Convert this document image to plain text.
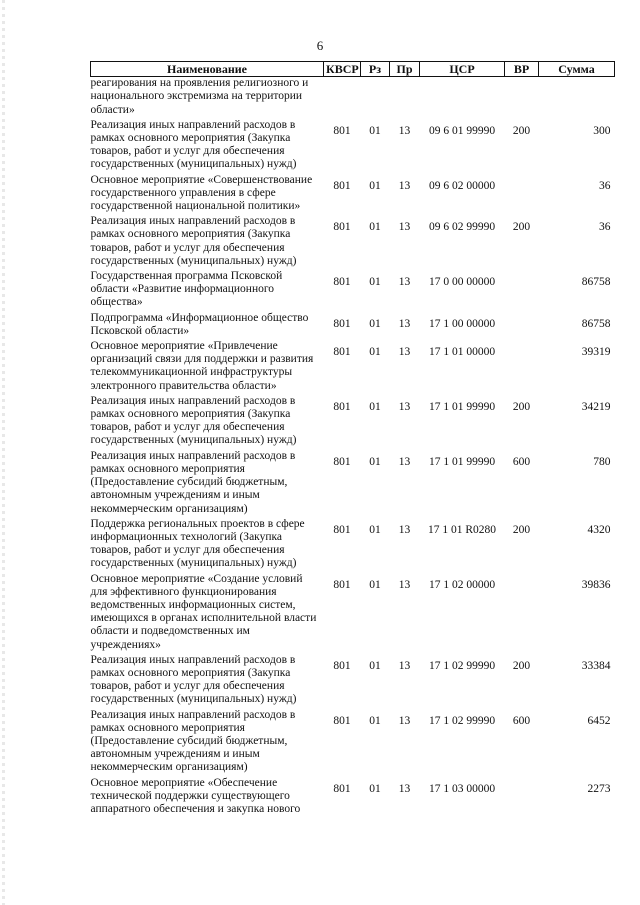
6
Наименование	КВСР	Рз	Пр	ЦСР	ВР	Сумма
реагирования на проявления религиозного и национального экстремизма на территории области»						
Реализация иных направлений расходов в рамках основного мероприятия (Закупка товаров, работ и услуг для обеспечения государственных (муниципальных) нужд)	801	01	13	09 6 01 99990	200	300
Основное мероприятие «Совершенствование государственного управления в сфере государственной национальной политики»	801	01	13	09 6 02 00000		36
Реализация иных направлений расходов в рамках основного мероприятия (Закупка товаров, работ и услуг для обеспечения государственных (муниципальных) нужд)	801	01	13	09 6 02 99990	200	36
Государственная программа Псковской области «Развитие информационного общества»	801	01	13	17 0 00 00000		86758
Подпрограмма «Информационное общество Псковской области»	801	01	13	17 1 00 00000		86758
Основное мероприятие «Привлечение организаций связи для поддержки и развития телекоммуникационной инфраструктуры электронного правительства области»	801	01	13	17 1 01 00000		39319
Реализация иных направлений расходов в рамках основного мероприятия (Закупка товаров, работ и услуг для обеспечения государственных (муниципальных) нужд)	801	01	13	17 1 01 99990	200	34219
Реализация иных направлений расходов в рамках основного мероприятия (Предоставление субсидий бюджетным, автономным учреждениям и иным некоммерческим организациям)	801	01	13	17 1 01 99990	600	780
Поддержка региональных проектов в сфере информационных технологий (Закупка товаров, работ и услуг для обеспечения государственных (муниципальных) нужд)	801	01	13	17 1 01 R0280	200	4320
Основное мероприятие «Создание условий для эффективного функционирования ведомственных информационных систем, имеющихся в органах исполнительной власти области и подведомственных им учреждениях»	801	01	13	17 1 02 00000		39836
Реализация иных направлений расходов в рамках основного мероприятия (Закупка товаров, работ и услуг для обеспечения государственных (муниципальных) нужд)	801	01	13	17 1 02 99990	200	33384
Реализация иных направлений расходов в рамках основного мероприятия (Предоставление субсидий бюджетным, автономным учреждениям и иным некоммерческим организациям)	801	01	13	17 1 02 99990	600	6452
Основное мероприятие «Обеспечение технической поддержки существующего аппаратного обеспечения и закупка нового	801	01	13	17 1 03 00000		2273
